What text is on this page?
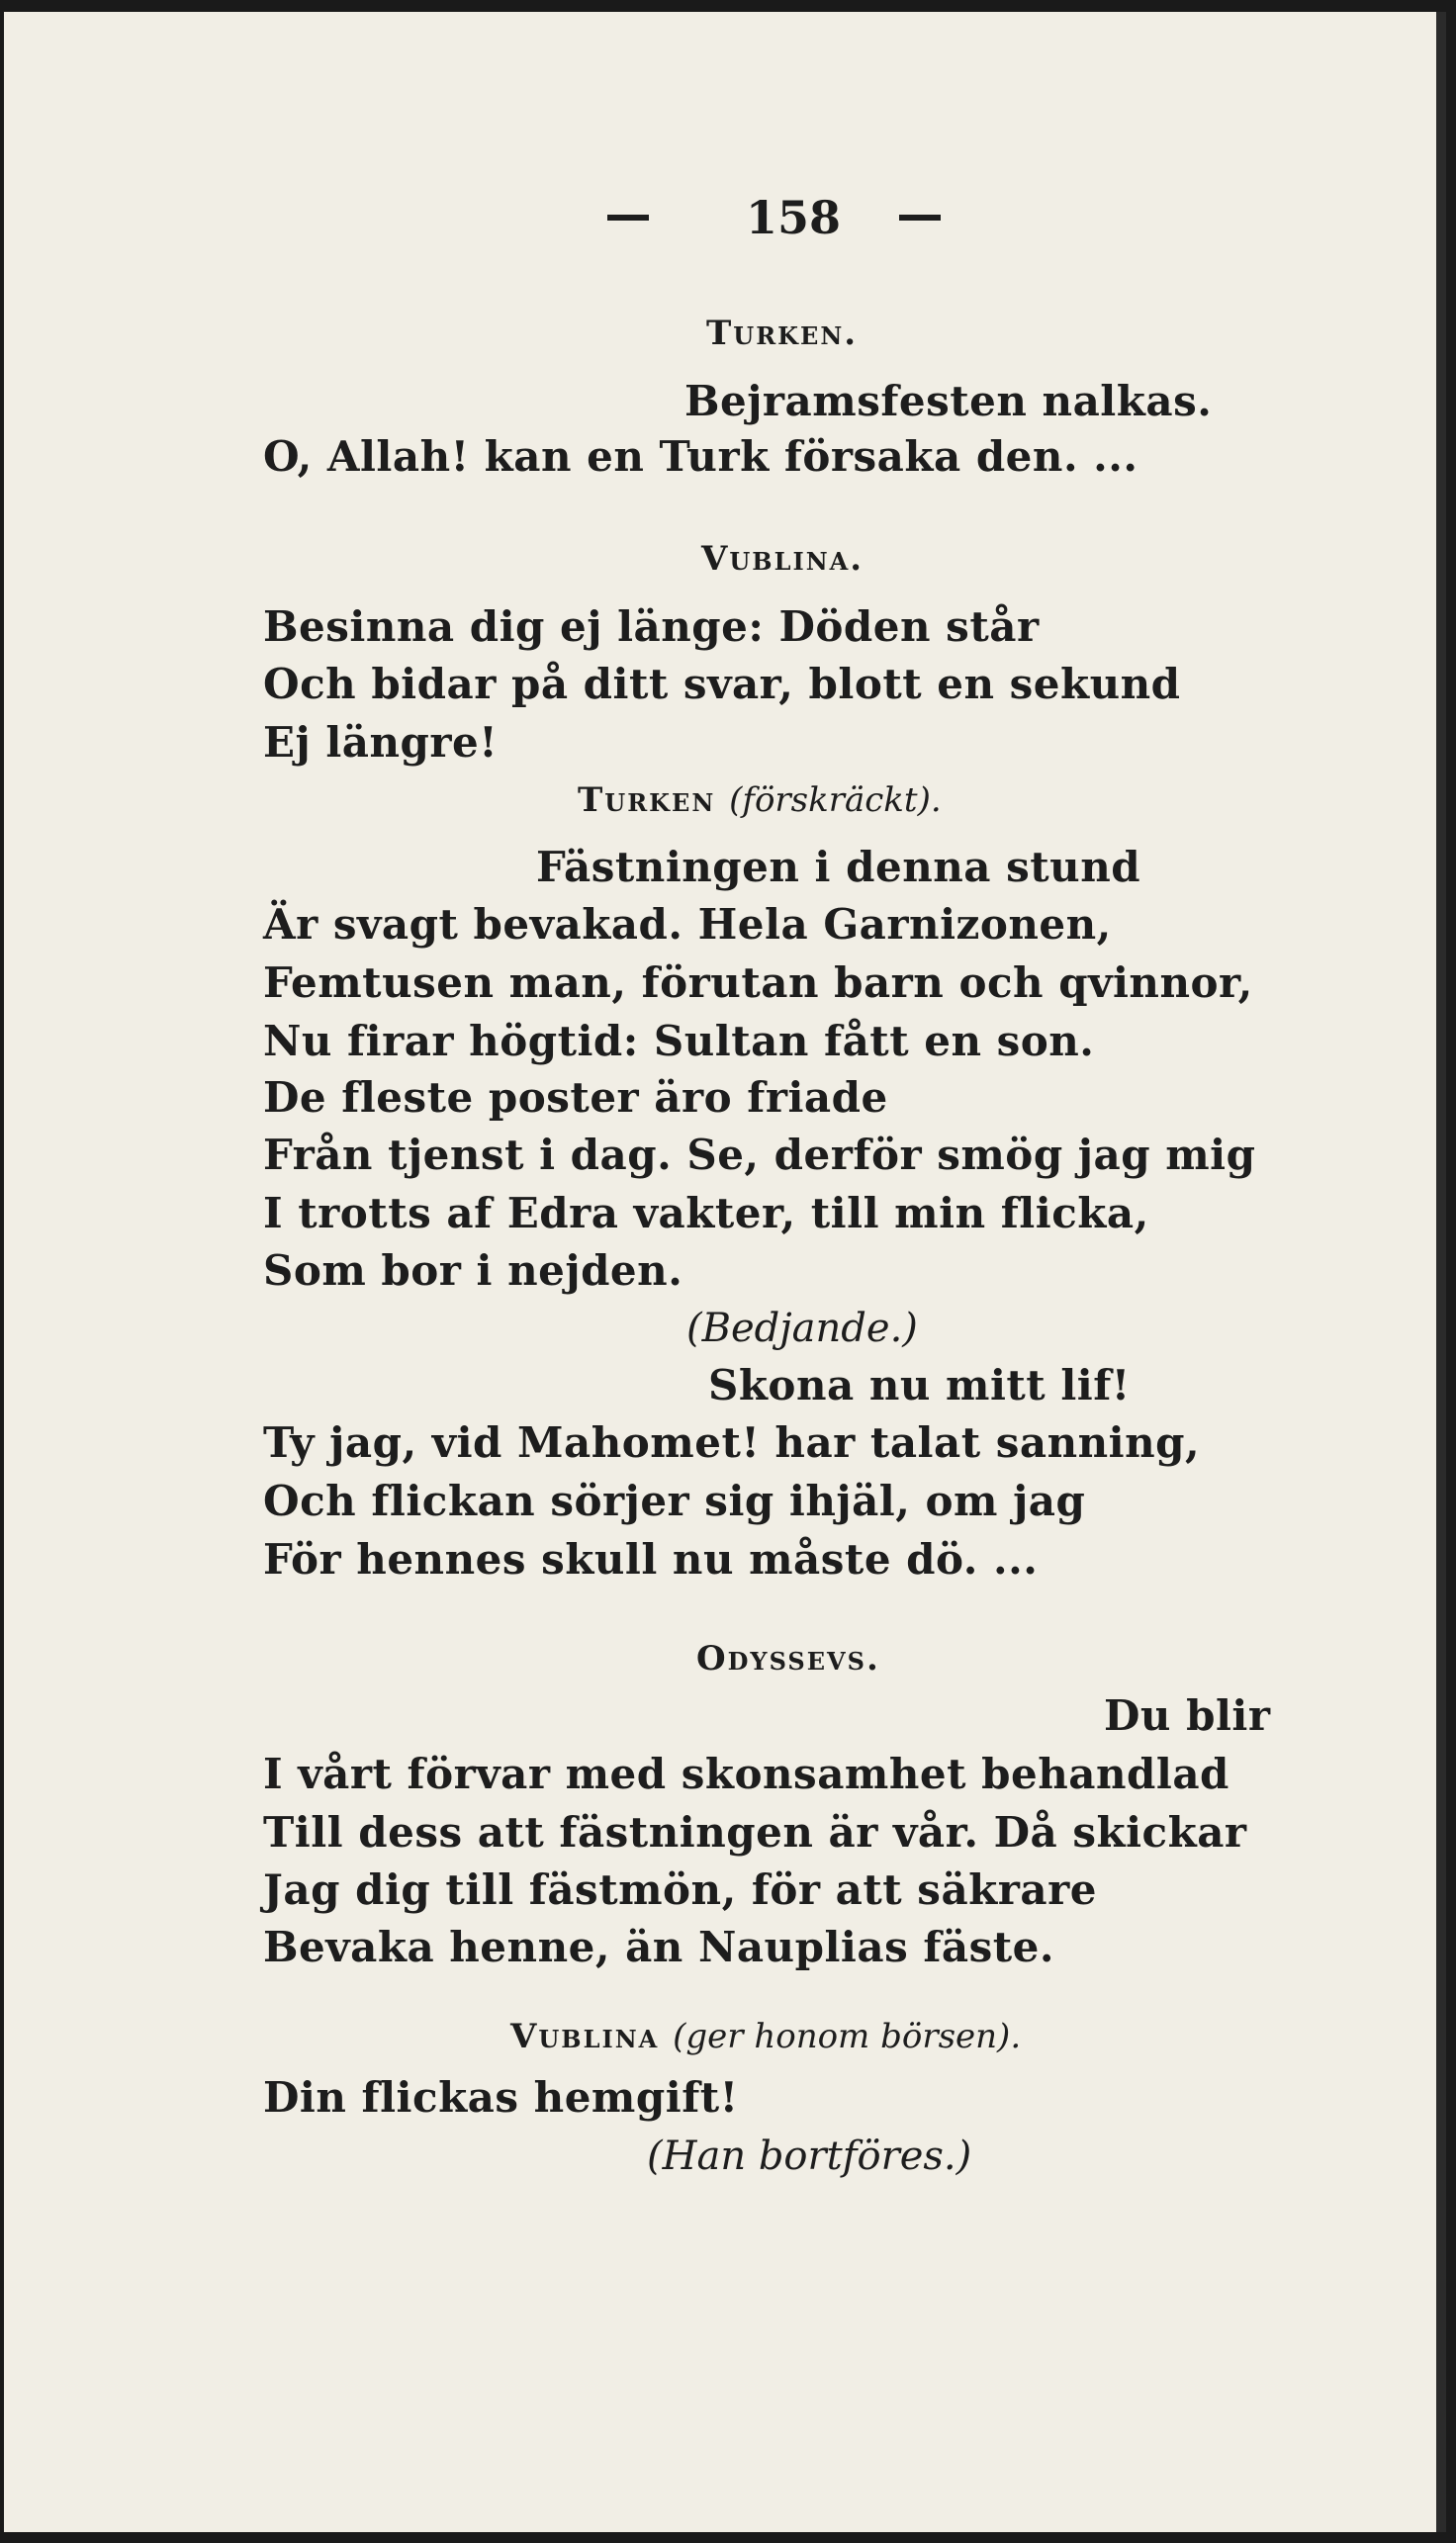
158
Turken.
Bejramsfesten nalkas.
O, Allah! kan en Turk försaka den. ...
Vublina.
Besinna dig ej länge: Döden står
Och bidar på ditt svar, blott en sekund
Ej längre!
Turken (förskräckt).
Fästningen i denna stund
Är svagt bevakad. Hela Garnizonen,
Femtusen man, förutan barn och qvinnor,
Nu firar högtid: Sultan fått en son.
De fleste poster äro friade
Från tjenst i dag. Se, derför smög jag mig
I trotts af Edra vakter, till min flicka,
Som bor i nejden.
(Bedjande.)
Skona nu mitt lif!
Ty jag, vid Mahomet! har talat sanning,
Och flickan sörjer sig ihjäl, om jag
För hennes skull nu måste dö. ...
Odyssevs.
Du blir
I vårt förvar med skonsamhet behandlad
Till dess att fästningen är vår. Då skickar
Jag dig till fästmön, för att säkrare
Bevaka henne, än Nauplias fäste.
Vublina (ger honom börsen).
Din flickas hemgift!
(Han bortföres.)
